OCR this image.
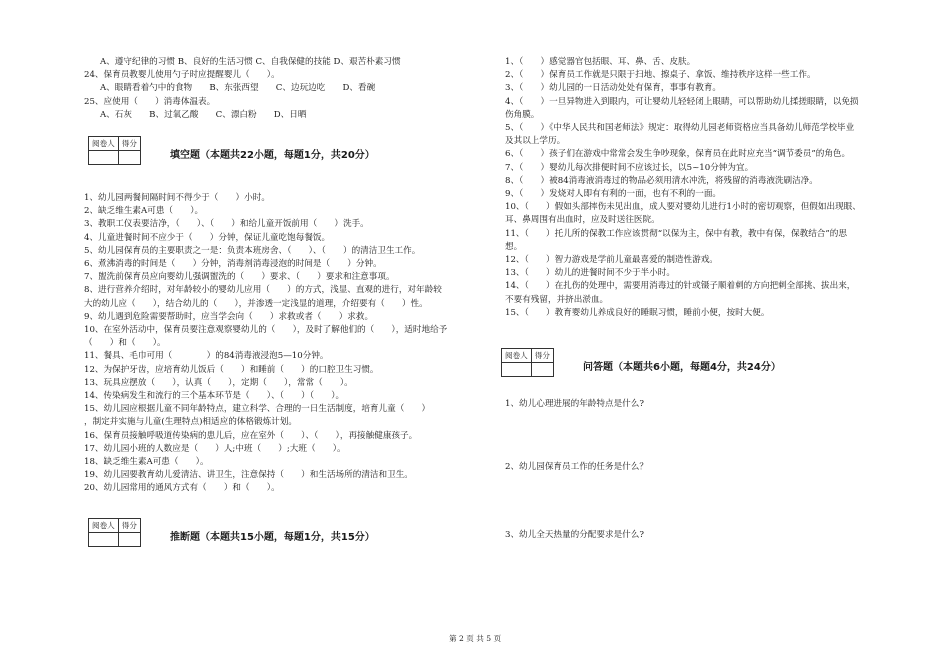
A、遵守纪律的习惯 B、良好的生活习惯 C、自我保健的技能 D、艰苦朴素习惯

24、保育员教婴儿使用勺子时应提醒婴儿（　　）。

A、眼睛看着勺中的食物　　B、东张西望　　C、边玩边吃　　D、看碗

25、应使用（　　）消毒体温表。

A、石灰　　B、过氧乙酸　　C、漂白粉　　D、日晒

阅卷人	得分

填空题（本题共22小题，每题1分，共20分）

1、幼儿园两餐间隔时间不得少于（　　）小时。

2、缺乏维生素A可患（　　）。

3、教职工仪表要洁净，（　　）、（　　）和给儿童开饭前用（　　）洗手。

4、儿童进餐时间不应少于（　　）分钟，保证儿童吃饱每餐饭。

5、幼儿园保育员的主要职责之一是：负责本班房舍、（　　）、（　　）的清洁卫生工作。

6、煮沸消毒的时间是（　　）分钟，消毒剂消毒浸泡的时间是（　　）分钟。

7、盥洗前保育员应向婴幼儿强调盥洗的（　　）要求、（　　）要求和注意事项。

8、进行营养介绍时，对年龄较小的婴幼儿应用（　　）的方式，浅显、直观的进行，对年龄较

大的幼儿应（　　），结合幼儿的（　　），并渗透一定浅显的道理，介绍要有（　　）性。

9、幼儿遇到危险需要帮助时，应当学会向（　　）求救或者（　　）求救。

10、在室外活动中，保育员要注意观察婴幼儿的（　　），及时了解他们的（　　），适时地给予

（　　）和（　　）。

11、餐具、毛巾可用（　　　　）的84消毒液浸泡5—10分钟。

12、为保护牙齿，应培育幼儿饭后（　　）和睡前（　　）的口腔卫生习惯。

13、玩具应摆放（　　），认真（　　），定期（　　），常常（　　）。

14、传染病发生和流行的三个基本环节是（　　）、（　　）（　　）。

15、幼儿园应根据儿童不同年龄特点，建立科学、合理的一日生活制度，培育儿童（　　）

，制定并实施与儿童(生理特点)相适应的体格锻炼计划。

16、保育员接触呼吸道传染病的患儿后，应在室外（　　）、（　　），再接触健康孩子。

17、幼儿园小班的人数应是（　　）人;中班（　　）;大班（　　）。

18、缺乏维生素A可患（　　）。

19、幼儿园要教育幼儿爱清洁、讲卫生，注意保持（　　）和生活场所的清洁和卫生。

20、幼儿园常用的通风方式有（　　）和（　　）。

阅卷人	得分

推断题（本题共15小题，每题1分，共15分）

1、（　　）感觉器官包括眼、耳、鼻、舌、皮肤。

2、（　　）保育员工作就是只限于扫地、擦桌子、拿饭、维持秩序这样一些工作。

3、（　　）幼儿园的一日活动处处有保育，事事有教育。

4、（　　）一旦异物进入到眼内，可让婴幼儿轻轻闭上眼睛，可以帮助幼儿揉搓眼睛，以免损

伤角膜。

5、（　　）《中华人民共和国老师法》规定：取得幼儿园老师资格应当具备幼儿师范学校毕业

及其以上学历。

6、（　　）孩子们在游戏中常常会发生争吵现象，保育员在此时应充当“调节委员”的角色。

7、（　　）婴幼儿每次排便时间不应该过长，以5~10分钟为宜。

8、（　　）被84消毒液消毒过的物品必须用清水冲洗，将残留的消毒液洗刷洁净。

9、（　　）发烧对人即有有利的一面，也有不利的一面。

10、（　　）假如头部摔伤未见出血，成人要对婴幼儿进行1小时的密切观察，但假如出现眼、

耳、鼻周围有出血时，应及时送往医院。

11、（　　）托儿所的保教工作应该贯彻“以保为主，保中有教，教中有保，保教结合”的思

想。

12、（　　）智力游戏是学前儿童最喜爱的制造性游戏。

13、（　　）幼儿的进餐时间不少于半小时。

14、（　　）在扎伤的处理中，需要用消毒过的针或镊子顺着刺的方向把刺全部挑、拔出来，

不要有残留，并挤出淤血。

15、（　　）教育婴幼儿养成良好的睡眠习惯，睡前小便，按时大便。

阅卷人	得分

问答题（本题共6小题，每题4分，共24分）

1、幼儿心理进展的年龄特点是什么?

2、幼儿园保育员工作的任务是什么？

3、幼儿全天热量的分配要求是什么?

第 2 页 共 5 页
